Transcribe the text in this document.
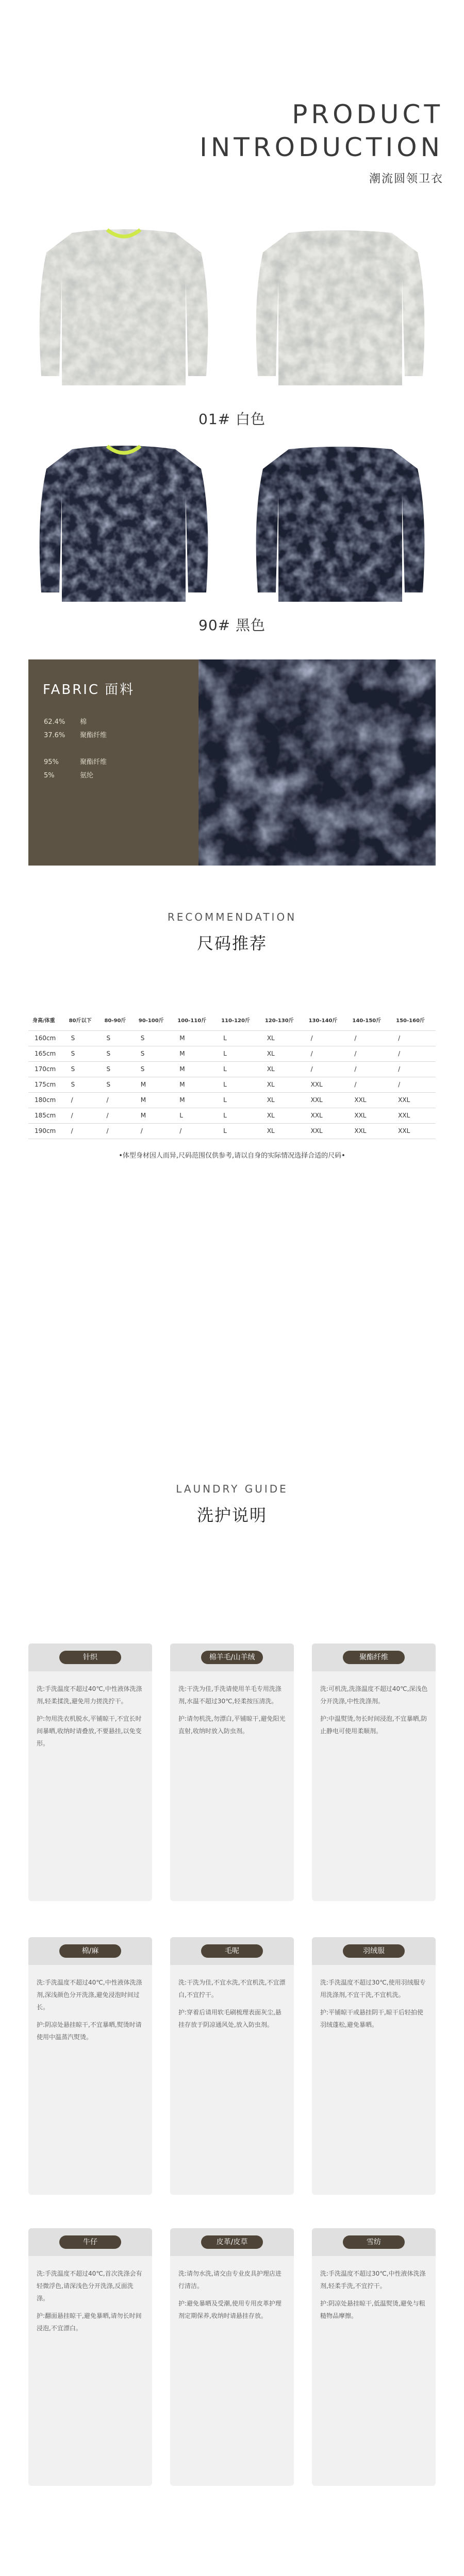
PRODUCT
INTRODUCTION
潮流圆领卫衣
01# 白色
90# 黑色
FABRIC 面料
62.4% 棉
37.6% 聚酯纤维
95%	聚酯纤维
5%	氨纶
RECOMMENDATION
尺码推荐
身高/体重	80斤以下	80-90斤	90-100斤	100-110斤	110-120斤	120-130斤	130-140斤	140-150斤	150-160斤
160cm	S	S	S	M	L	XL	/	/	/
165cm	S	S	S	M	L	XL	/	/	/
170cm	S	S	S	M	L	XL	/	/	/
175cm	S	S	M	M	L	XL	XXL	/	/
180cm	/	/	M	M	L	XL	XXL	XXL	XXL
185cm	/	/	M	L	L	XL	XXL	XXL	XXL
190cm	/	/	/	/	L	XL	XXL	XXL	XXL
•体型身材因人而异,尺码范围仅供参考,请以自身的实际情况选择合适的尺码•
LAUNDRY GUIDE
洗护说明
针织

洗:手洗温度不超过40℃,中性液体洗涤剂,轻柔揉洗,避免用力搓洗拧干。

护:勿用洗衣机脱水,平铺晾干,不宜长时间暴晒,收纳时请叠放,不要悬挂,以免变形。

棉羊毛/山羊绒

洗:干洗为佳,手洗请使用羊毛专用洗涤剂,水温不超过30℃,轻柔按压清洗。

护:请勿机洗,勿漂白,平铺晾干,避免阳光直射,收纳时放入防虫剂。

聚酯纤维

洗:可机洗,洗涤温度不超过40℃,深浅色分开洗涤,中性洗涤剂。

护:中温熨烫,勿长时间浸泡,不宜暴晒,防止静电可使用柔顺剂。

棉/麻

洗:手洗温度不超过40℃,中性液体洗涤剂,深浅颜色分开洗涤,避免浸泡时间过长。

护:阴凉处悬挂晾干,不宜暴晒,熨烫时请使用中温蒸汽熨烫。

毛呢

洗:干洗为佳,不宜水洗,不宜机洗,不宜漂白,不宜拧干。

护:穿着后请用软毛刷梳理表面灰尘,悬挂存放于阴凉通风处,放入防虫剂。

羽绒服

洗:手洗温度不超过30℃,使用羽绒服专用洗涤剂,不宜干洗,不宜机洗。

护:平铺晾干或悬挂阴干,晾干后轻拍使羽绒蓬松,避免暴晒。

牛仔

洗:手洗温度不超过40℃,首次洗涤会有轻微浮色,请深浅色分开洗涤,反面洗涤。

护:翻面悬挂晾干,避免暴晒,请勿长时间浸泡,不宜漂白。

皮革/皮草

洗:请勿水洗,请交由专业皮具护理店进行清洁。

护:避免暴晒及受潮,使用专用皮革护理剂定期保养,收纳时请悬挂存放。

雪纺

洗:手洗温度不超过30℃,中性液体洗涤剂,轻柔手洗,不宜拧干。

护:阴凉处悬挂晾干,低温熨烫,避免与粗糙物品摩擦。
